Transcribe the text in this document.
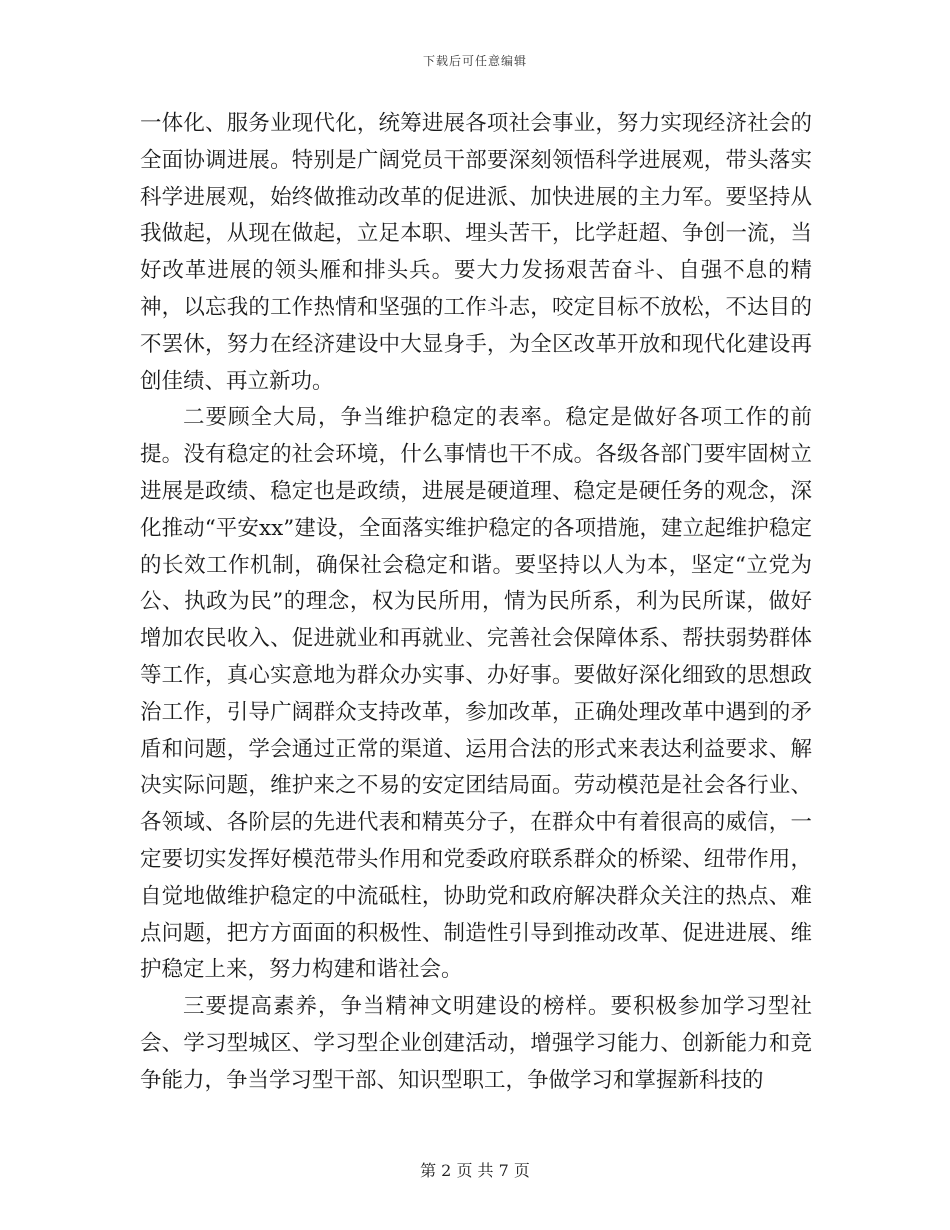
下载后可任意编辑

一体化、服务业现代化，统筹进展各项社会事业，努力实现经济社会的全面协调进展。特别是广阔党员干部要深刻领悟科学进展观，带头落实科学进展观，始终做推动改革的促进派、加快进展的主力军。要坚持从我做起，从现在做起，立足本职、埋头苦干，比学赶超、争创一流，当好改革进展的领头雁和排头兵。要大力发扬艰苦奋斗、自强不息的精神，以忘我的工作热情和坚强的工作斗志，咬定目标不放松，不达目的不罢休，努力在经济建设中大显身手，为全区改革开放和现代化建设再创佳绩、再立新功。

二要顾全大局，争当维护稳定的表率。稳定是做好各项工作的前提。没有稳定的社会环境，什么事情也干不成。各级各部门要牢固树立进展是政绩、稳定也是政绩，进展是硬道理、稳定是硬任务的观念，深化推动“平安xx”建设，全面落实维护稳定的各项措施，建立起维护稳定的长效工作机制，确保社会稳定和谐。要坚持以人为本，坚定“立党为公、执政为民”的理念，权为民所用，情为民所系，利为民所谋，做好增加农民收入、促进就业和再就业、完善社会保障体系、帮扶弱势群体等工作，真心实意地为群众办实事、办好事。要做好深化细致的思想政治工作，引导广阔群众支持改革，参加改革，正确处理改革中遇到的矛盾和问题，学会通过正常的渠道、运用合法的形式来表达利益要求、解决实际问题，维护来之不易的安定团结局面。劳动模范是社会各行业、各领域、各阶层的先进代表和精英分子，在群众中有着很高的威信，一定要切实发挥好模范带头作用和党委政府联系群众的桥梁、纽带作用，自觉地做维护稳定的中流砥柱，协助党和政府解决群众关注的热点、难点问题，把方方面面的积极性、制造性引导到推动改革、促进进展、维护稳定上来，努力构建和谐社会。

三要提高素养，争当精神文明建设的榜样。要积极参加学习型社会、学习型城区、学习型企业创建活动，增强学习能力、创新能力和竞争能力，争当学习型干部、知识型职工，争做学习和掌握新科技的

第 2 页 共 7 页
